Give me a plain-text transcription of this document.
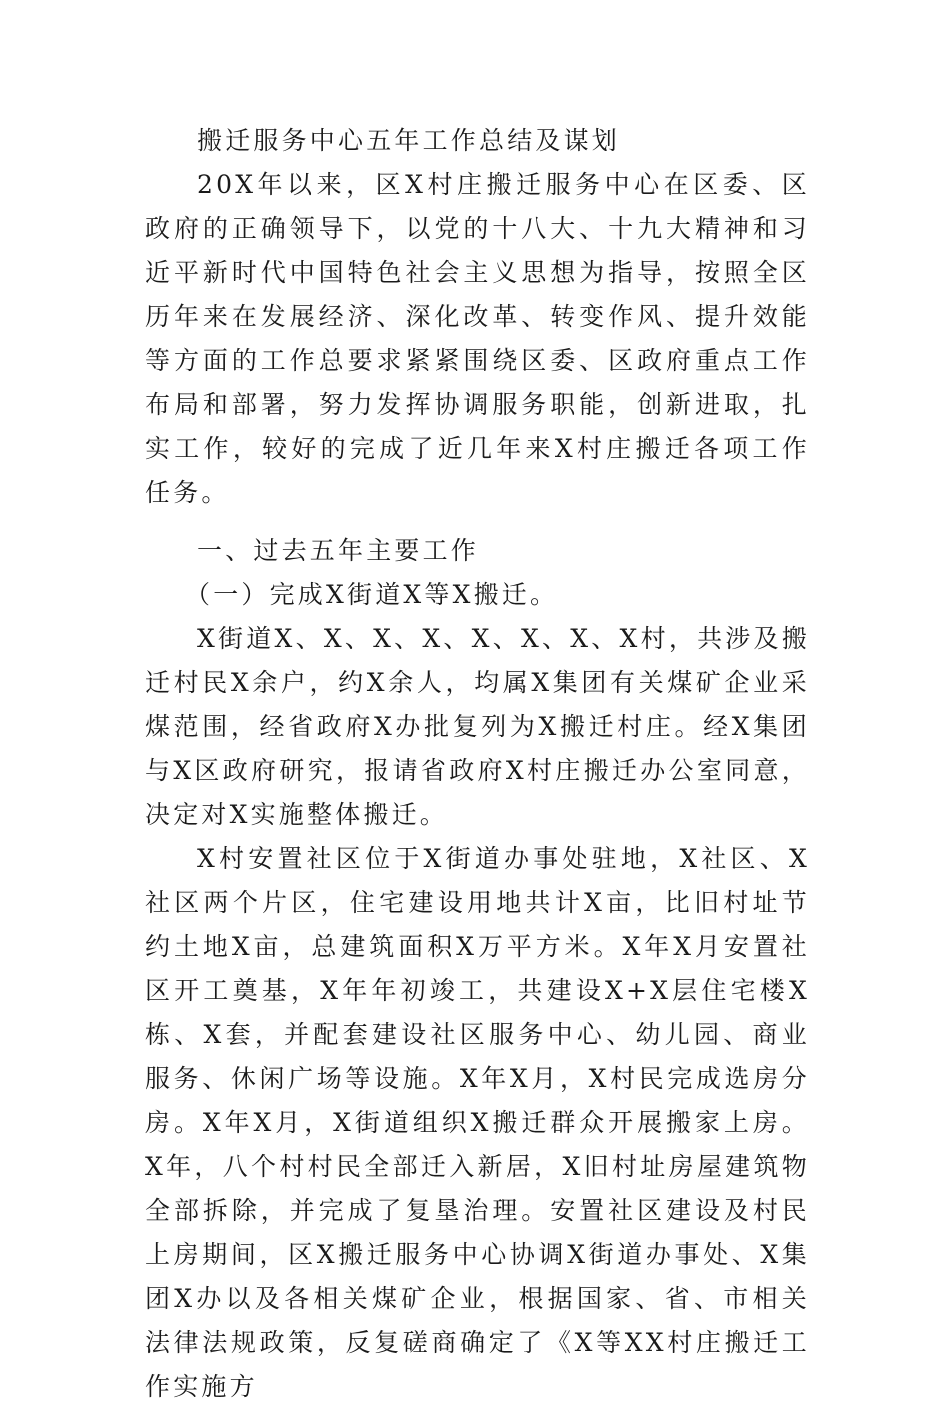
搬迁服务中心五年工作总结及谋划

20X年以来，区X村庄搬迁服务中心在区委、区政府的正确领导下，以党的十八大、十九大精神和习近平新时代中国特色社会主义思想为指导，按照全区历年来在发展经济、深化改革、转变作风、提升效能等方面的工作总要求紧紧围绕区委、区政府重点工作布局和部署，努力发挥协调服务职能，创新进取，扎实工作，较好的完成了近几年来X村庄搬迁各项工作任务。

一、过去五年主要工作

（一）完成X街道X等X搬迁。

X街道X、X、X、X、X、X、X、X村，共涉及搬迁村民X余户，约X余人，均属X集团有关煤矿企业采煤范围，经省政府X办批复列为X搬迁村庄。经X集团与X区政府研究，报请省政府X村庄搬迁办公室同意，决定对X实施整体搬迁。

X村安置社区位于X街道办事处驻地，X社区、X社区两个片区，住宅建设用地共计X亩，比旧村址节约土地X亩，总建筑面积X万平方米。X年X月安置社区开工奠基，X年年初竣工，共建设X+X层住宅楼X栋、X套，并配套建设社区服务中心、幼儿园、商业服务、休闲广场等设施。X年X月，X村民完成选房分房。X年X月，X街道组织X搬迁群众开展搬家上房。X年，八个村村民全部迁入新居，X旧村址房屋建筑物全部拆除，并完成了复垦治理。安置社区建设及村民上房期间，区X搬迁服务中心协调X街道办事处、X集团X办以及各相关煤矿企业，根据国家、省、市相关法律法规政策，反复磋商确定了《X等XX村庄搬迁工作实施方
